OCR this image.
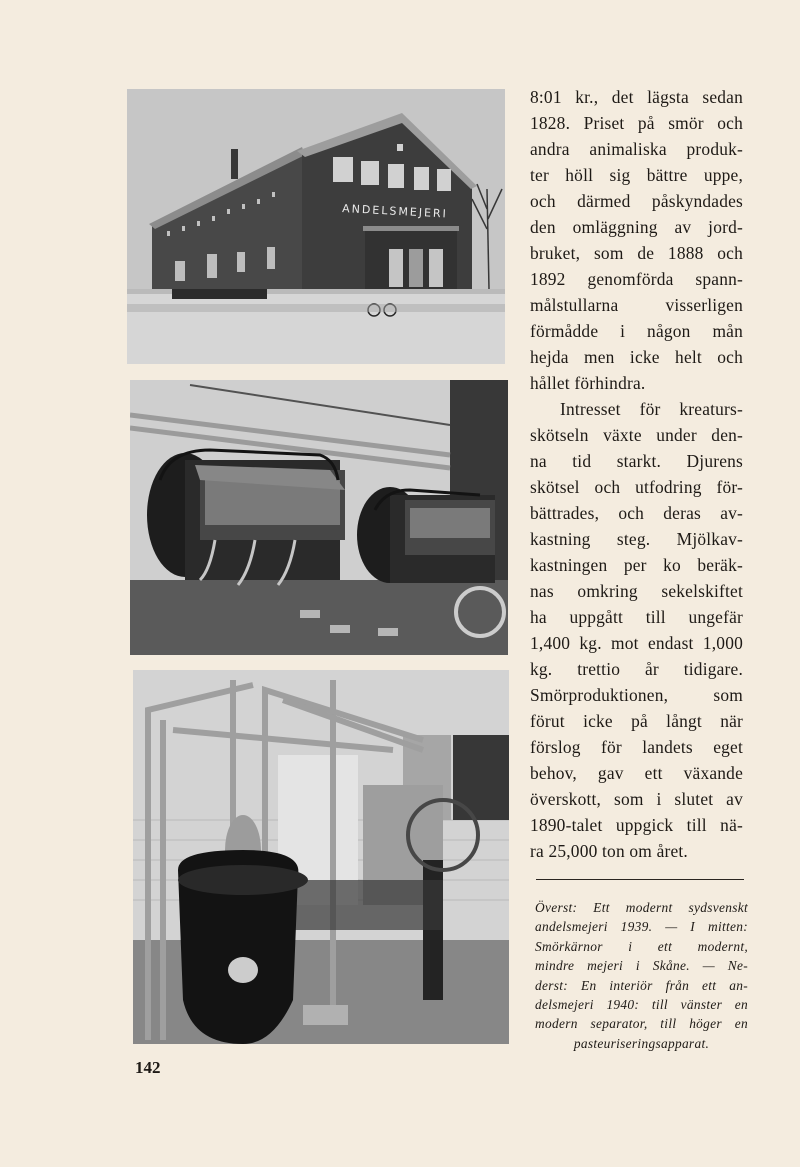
ANDELSMEJERI
8:01 kr., det lägsta sedan
1828. Priset på smör och
andra animaliska produk-
ter höll sig bättre uppe,
och därmed påskyndades
den omläggning av jord-
bruket, som de 1888 och
1892 genomförda spann-
målstullarna visserligen
förmådde i någon mån
hejda men icke helt och
hållet förhindra.
Intresset för kreaturs-
skötseln växte under den-
na tid starkt. Djurens
skötsel och utfodring för-
bättrades, och deras av-
kastning steg. Mjölkav-
kastningen per ko beräk-
nas omkring sekelskiftet
ha uppgått till ungefär
1,400 kg. mot endast 1,000
kg. trettio år tidigare.
Smörproduktionen, som
förut icke på långt när
förslog för landets eget
behov, gav ett växande
överskott, som i slutet av
1890-talet uppgick till nä-
ra 25,000 ton om året.
Överst: Ett modernt sydsvenskt
andelsmejeri 1939. — I mitten:
Smörkärnor i ett modernt,
mindre mejeri i Skåne. — Ne-
derst: En interiör från ett an-
delsmejeri 1940: till vänster en
modern separator, till höger en
pasteuriseringsapparat.
142
